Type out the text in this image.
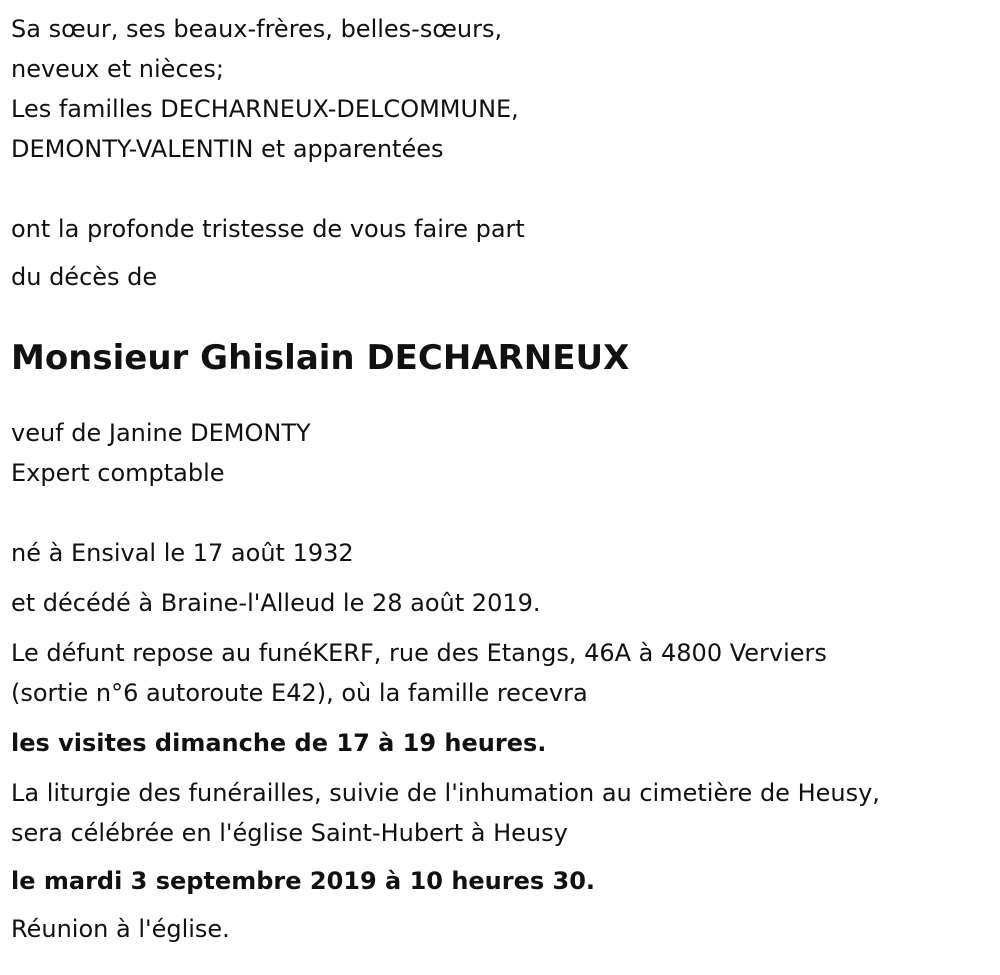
Sa sœur, ses beaux-frères, belles-sœurs,

neveux et nièces;

Les familles DECHARNEUX-DELCOMMUNE,

DEMONTY-VALENTIN et apparentées

ont la profonde tristesse de vous faire part

du décès de

Monsieur Ghislain DECHARNEUX

veuf de Janine DEMONTY

Expert comptable

né à Ensival le 17 août 1932

et décédé à Braine-l'Alleud le 28 août 2019.

Le défunt repose au funéKERF, rue des Etangs, 46A à 4800 Verviers

(sortie n°6 autoroute E42), où la famille recevra

les visites dimanche de 17 à 19 heures.

La liturgie des funérailles, suivie de l'inhumation au cimetière de Heusy,

sera célébrée en l'église Saint-Hubert à Heusy

le mardi 3 septembre 2019 à 10 heures 30.

Réunion à l'église.
